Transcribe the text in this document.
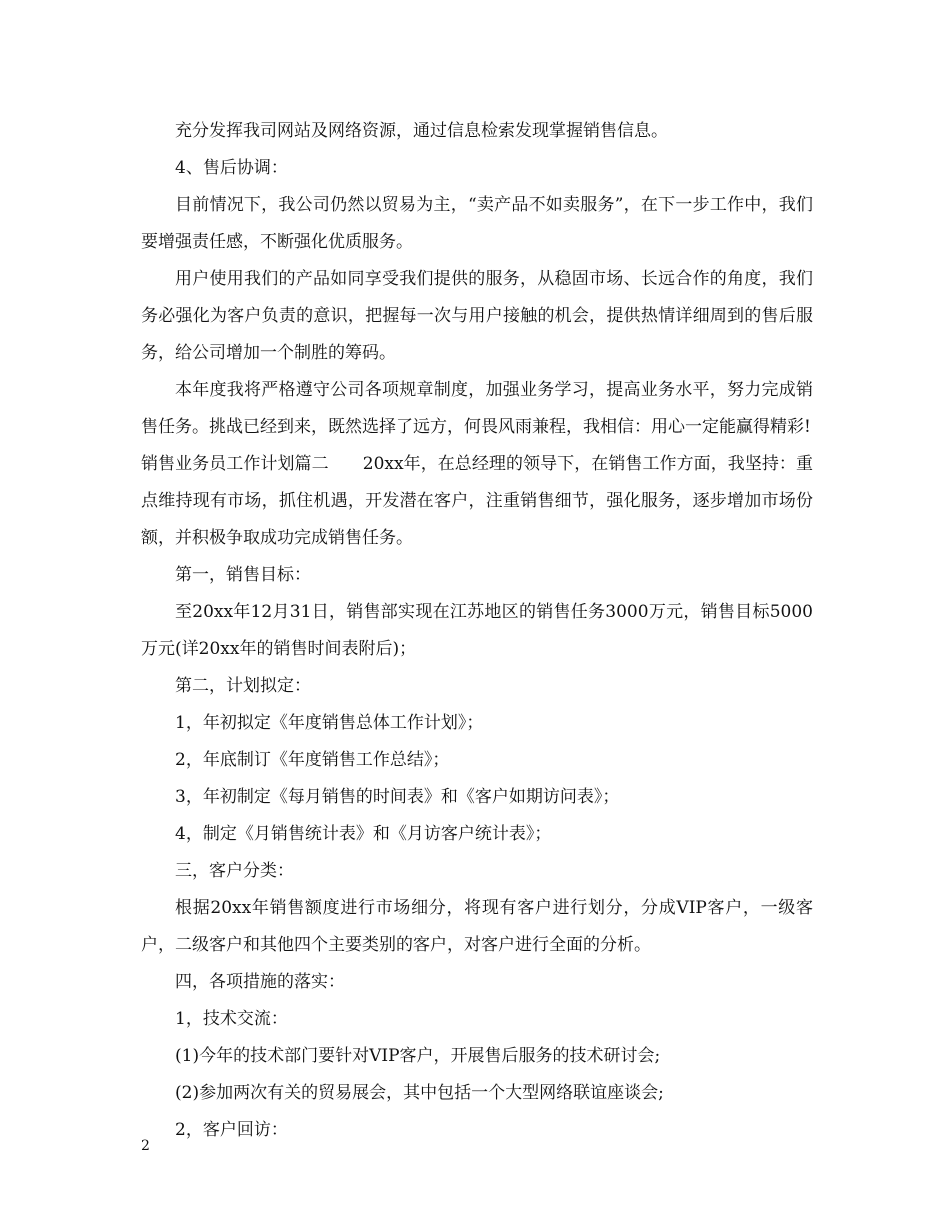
充分发挥我司网站及网络资源，通过信息检索发现掌握销售信息。

4、售后协调：

目前情况下，我公司仍然以贸易为主，“卖产品不如卖服务”，在下一步工作中，我们要增强责任感，不断强化优质服务。

用户使用我们的产品如同享受我们提供的服务，从稳固市场、长远合作的角度，我们务必强化为客户负责的意识，把握每一次与用户接触的机会，提供热情详细周到的售后服务，给公司增加一个制胜的筹码。

本年度我将严格遵守公司各项规章制度，加强业务学习，提高业务水平，努力完成销售任务。挑战已经到来，既然选择了远方，何畏风雨兼程，我相信：用心一定能赢得精彩!

销售业务员工作计划篇二　　20xx年，在总经理的领导下，在销售工作方面，我坚持：重点维持现有市场，抓住机遇，开发潜在客户，注重销售细节，强化服务，逐步增加市场份额，并积极争取成功完成销售任务。

第一，销售目标：

至20xx年12月31日，销售部实现在江苏地区的销售任务3000万元，销售目标5000万元(详20xx年的销售时间表附后)；

第二，计划拟定：

1，年初拟定《年度销售总体工作计划》；

2，年底制订《年度销售工作总结》；

3，年初制定《每月销售的时间表》和《客户如期访问表》；

4，制定《月销售统计表》和《月访客户统计表》；

三，客户分类：

根据20xx年销售额度进行市场细分，将现有客户进行划分，分成VIP客户，一级客户，二级客户和其他四个主要类别的客户，对客户进行全面的分析。

四，各项措施的落实：

1，技术交流：

(1)今年的技术部门要针对VIP客户，开展售后服务的技术研讨会;

(2)参加两次有关的贸易展会，其中包括一个大型网络联谊座谈会;

2，客户回访：

2
